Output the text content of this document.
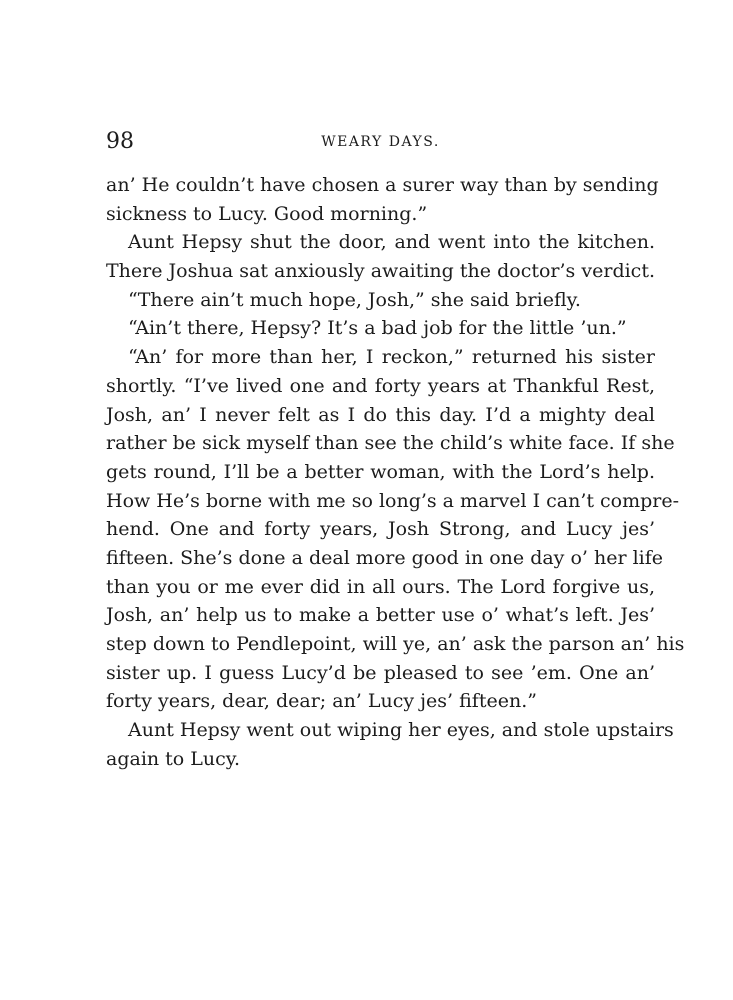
98	WEARY DAYS.
an’ He couldn’t have chosen a surer way than by sending
sickness to Lucy. Good morning.”
Aunt Hepsy shut the door, and went into the kitchen.
There Joshua sat anxiously awaiting the doctor’s verdict.
“There ain’t much hope, Josh,” she said briefly.
“Ain’t there, Hepsy? It’s a bad job for the little ’un.”
“An’ for more than her, I reckon,” returned his sister
shortly. “I’ve lived one and forty years at Thankful Rest,
Josh, an’ I never felt as I do this day. I’d a mighty deal
rather be sick myself than see the child’s white face. If she
gets round, I’ll be a better woman, with the Lord’s help.
How He’s borne with me so long’s a marvel I can’t compre-
hend. One and forty years, Josh Strong, and Lucy jes’
fifteen. She’s done a deal more good in one day o’ her life
than you or me ever did in all ours. The Lord forgive us,
Josh, an’ help us to make a better use o’ what’s left. Jes’
step down to Pendlepoint, will ye, an’ ask the parson an’ his
sister up. I guess Lucy’d be pleased to see ’em. One an’
forty years, dear, dear; an’ Lucy jes’ fifteen.”
Aunt Hepsy went out wiping her eyes, and stole upstairs
again to Lucy.
